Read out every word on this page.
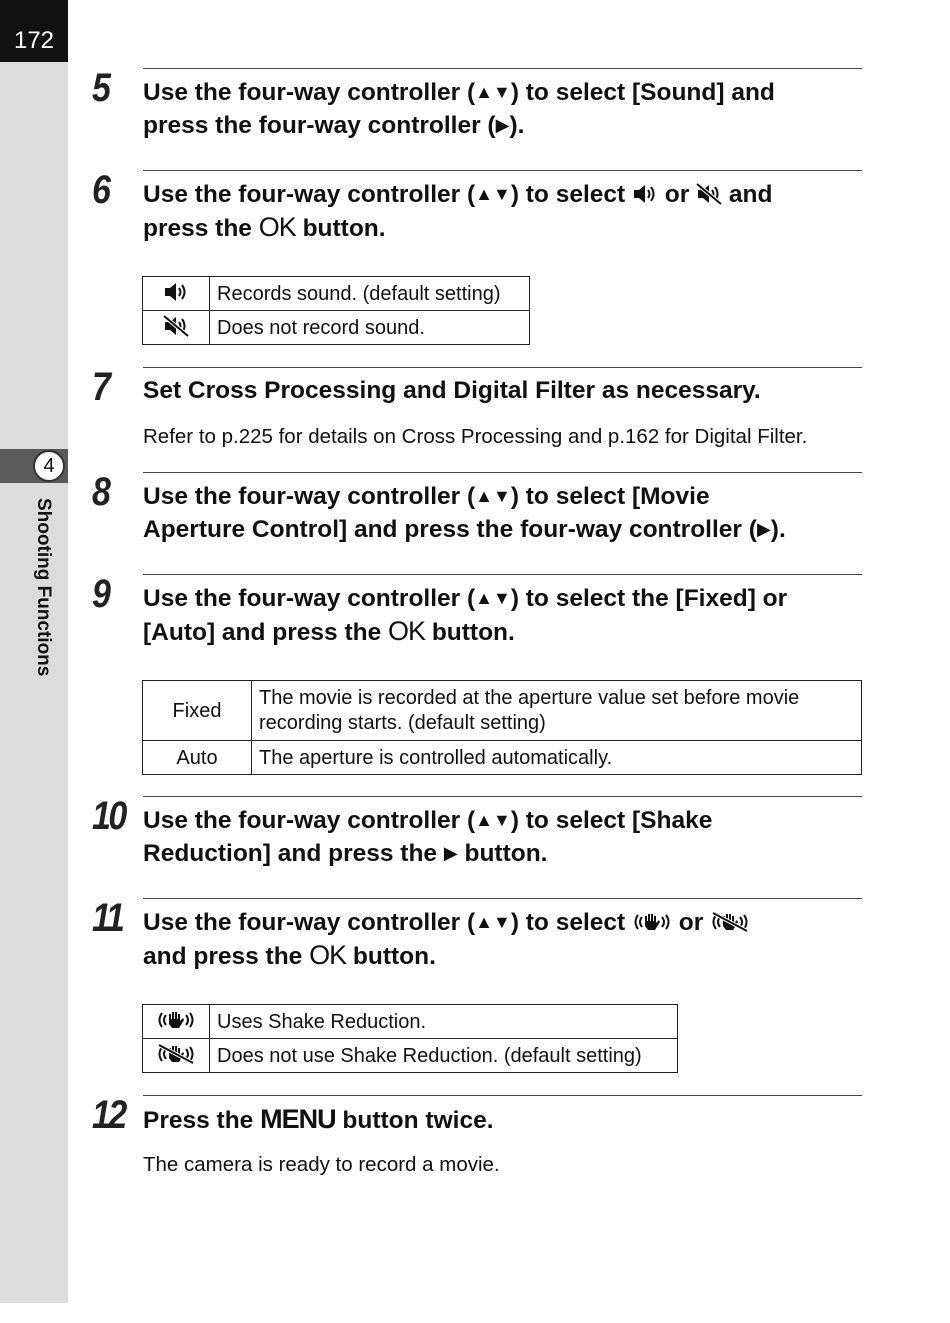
172
4
Shooting Functions
5 Use the four-way controller (▲▼) to select [Sound] and
press the four-way controller (▶).
6 Use the four-way controller (▲▼) to select  or  and
press the OK button.
	Records sound. (default setting)
	Does not record sound.
7 Set Cross Processing and Digital Filter as necessary.
Refer to p.225 for details on Cross Processing and p.162 for Digital Filter.
8 Use the four-way controller (▲▼) to select [Movie
Aperture Control] and press the four-way controller (▶).
9 Use the four-way controller (▲▼) to select the [Fixed] or
[Auto] and press the OK button.
Fixed	The movie is recorded at the aperture value set before movie
recording starts. (default setting)
Auto	The aperture is controlled automatically.
10 Use the four-way controller (▲▼) to select [Shake
Reduction] and press the ▶ button.
11 Use the four-way controller (▲▼) to select  or
and press the OK button.
	Uses Shake Reduction.
	Does not use Shake Reduction. (default setting)
12 Press the MENU button twice.
The camera is ready to record a movie.
